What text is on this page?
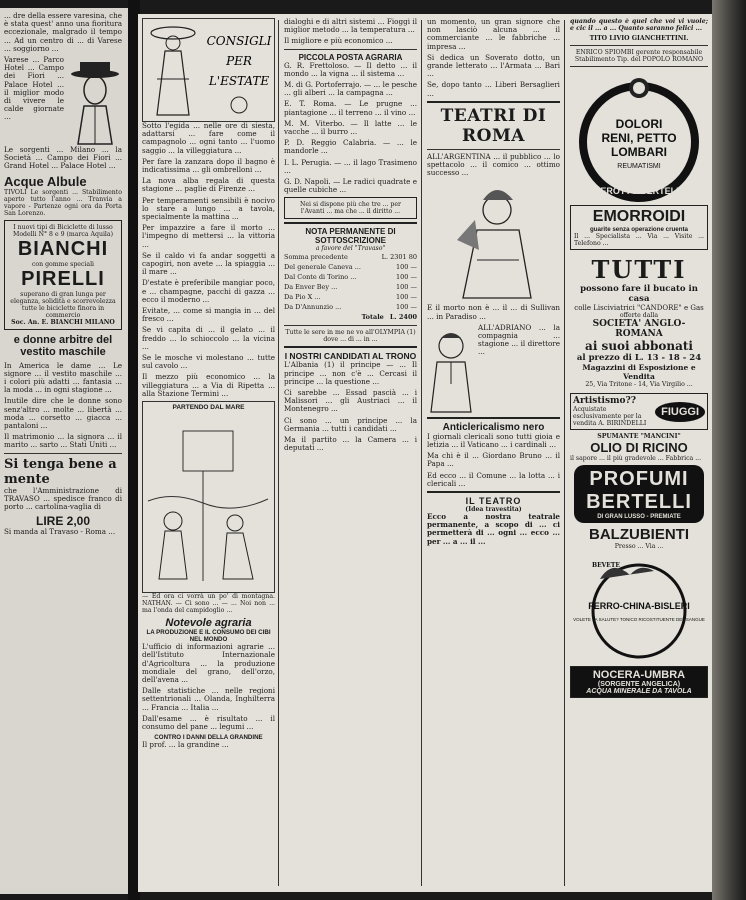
... dre della essere varesina, che è stata quest' anno una fioritura eccezionale, malgrado il tempo ... Ad un centro di ... di Varese ... soggiorno ...

Varese ... Parco Hotel ... Campo dei Fiori ... Palace Hotel ... il miglior modo di vivere le calde giornate ...

Le sorgenti ... Milano ... la Società ... Campo dei Fiori ... Grand Hotel ... Palace Hotel ...

Acque Albule

TIVOLI Le sorgenti ... Stabilimento aperto tutto l'anno ... Tranvia a vapore - Partenze ogni ora da Porta San Lorenzo.

I nuovi tipi di Biciclette di lusso Modelli N° 8 e 9 (marca Aquila)
BIANCHI
con gomme speciali
PIRELLI
superano di gran lunga per eleganza, solidità e scorrevolezza tutte le biciclette finora in commercio
Soc. An. E. BIANCHI MILANO
e donne arbitre del vestito maschile

In America le dame ... Le signore ... il vestito maschile ... i colori più adatti ... fantasia ... la moda ... in ogni stagione ...

Inutile dire che le donne sono senz'altro ... molte ... libertà ... moda ... corsetto ... giacca ... pantaloni ...

Il matrimonio ... la signora ... il marito ... sarto ... Stati Uniti ...

Si tenga bene a mente

che l'Amministrazione di TRAVASO ... spedisce franco di porto ... cartolina-vaglia di

LIRE 2,00

Si manda al Travaso - Roma ...

CONSIGLI
PER
L'ESTATE

Sotto l'egida ... nelle ore di siesta, adattarsi ... fare come il campagnolo ... ogni tanto ... l'uomo saggio ... la villeggiatura ...

Per fare la zanzara dopo il bagno è indicatissima ... gli ombrelloni ...

La nova alba regala di questa stagione ... paglie di Firenze ...

Per temperamenti sensibili è nocivo lo stare a lungo ... a tavola, specialmente la mattina ...

Per impazzire a fare il morto ... l'impegno di mettersi ... la vittoria ...

Se il caldo vi fa andar soggetti a capogiri, non avete ... la spiaggia ... il mare ...

D'estate è preferibile mangiar poco, e ... champagne, pacchi di gazza ... ecco il moderno ...

Evitate, ... come si mangia in ... del fresco ...

Se vi capita di ... il gelato ... il freddo ... lo schioccolo ... la vicina ...

Se le mosche vi molestano ... tutte sul cavolo ...

Il mezzo più economico ... la villeggiatura ... a Via di Ripetta ... alla Stazione Termini ...

PARTENDO DAL MARE

— Ed ora ci vorrà un po' di montagna. NATHAN. — Ci sono ... — ... Noi non ... ma l'onda del campidoglio ...

Notevole agraria
LA PRODUZIONE E IL CONSUMO DEI CIBI NEL MONDO

L'ufficio di informazioni agrarie ... dell'Istituto Internazionale d'Agricoltura ... la produzione mondiale del grano, dell'orzo, dell'avena ...

Dalle statistiche ... nelle regioni settentrionali ... Olanda, Inghilterra ... Francia ... Italia ...

Dall'esame ... è risultato ... il consumo del pane ... legumi ...

CONTRO I DANNI DELLA GRANDINE

Il prof. ... la grandine ...

dialoghi e di altri sistemi ... Fioggi il miglior metodo ... la temperatura ...

Il migliore e più economico ...

PICCOLA POSTA AGRARIA

G. R. Frettoloso. — Il detto ... il mondo ... la vigna ... il sistema ...

M. di G. Portoferrajo. — ... le pesche ... gli alberi ... la campagna ...

E. T. Roma. — Le prugne ... piantagione ... il terreno ... il vino ...

M. M. Viterbo. — Il latte ... le vacche ... il burro ...

P. D. Reggio Calabria. — ... le mandorle ...

I. L. Perugia. — ... il lago Trasimeno ...

G. D. Napoli. — Le radici quadrate e quelle cubiche ...

Nei si dispone più che tre ... per l'Avanti ... ma che ... il diritto ...

NOTA PERMANENTE DI SOTTOSCRIZIONE
a favore del "Travaso"
Somma precedente	L. 2301 80
Del generale Caneva ...	100 —
Dal Conte di Torino ...	100 —
Da Enver Bey ...	100 —
Da Pio X ...	100 —
Da D'Annunzio ...	100 —
Totale L. 2400

Tutte le sere in me ne vo all'OLYMPIA (1) dove ... di ... in ...

I NOSTRI CANDIDATI AL TRONO

L'Albania (1) il principe — ... Il principe ... non c'è ... Cercasi il principe ... la questione ...

Ci sarebbe ... Essad pascià ... i Malissori ... gli Austriaci ... il Montenegro ...

Ci sono ... un principe ... la Germania ... tutti i candidati ...

Ma il partito ... la Camera ... i deputati ...

un momento, un gran signore che non lasciò alcuna ... il commerciante ... le fabbriche ... impresa ...

Si dedica un Soverato dotto, un grande letterato ... l'Armata ... Bari ...

Se, dopo tanto ... Liberi Bersaglieri ...

TEATRI DI ROMA

ALL'ARGENTINA ... il pubblico ... lo spettacolo ... il comico ... ottimo successo ...

E il morto non è ... il ... di Sullivan ... in Paradiso ...

ALL'ADRIANO ... la compagnia ... stagione ... il direttore ...

Anticlericalismo nero

I giornali clericali sono tutti gioia e letizia ... il Vaticano ... i cardinali ...

Ma chi è il ... Giordano Bruno ... il Papa ...

Ed ecco ... il Comune ... la lotta ... i clericali ...

IL TEATRO
(Idea travestita)

Ecco a nostra teatrale permanente, a scopo di ... ci permetterà di ... ogni ... ecco ... per ... a ... il ...

quando questo è quel che voi vi vuole; e cic il ... a ... Quanto saranno felici ...

TITO LIVIO GIANCHETTINI.
ENRICO SPIOMBI gerente responsabile
Stabilimento Tip. del POPOLO ROMANO
DOLORI
RENI, PETTO
LOMBARI
REUMATISMI
CEROTTO BERTELLI
EMORROIDI
guarite senza operazione cruenta

Il ... Specialista ... Via ... Visite ... Telefono ...

TUTTI
possono fare il bucato in casa
colle Lisciviatrici "CANDORE" e Gas
offerte dalla
SOCIETA' ANGLO-ROMANA
ai suoi abbonati
al prezzo di L. 13 - 18 - 24
Magazzini di Esposizione e Vendita
25, Via Tritone - 14, Via Virgilio ...
Artistismo??
Acquistate esclusivamente per la vendita A. BIRINDELLI
FIUGGI
SPUMANTE "MANCINI"
OLIO DI RICINO

il sapore ... il più gradevole ... Fabbrica ...

PROFUMI
BERTELLI
DI GRAN LUSSO - PREMIATE
BALZUBIENTI

Presso ... Via ...

BEVETE
FERRO-CHINA-BISLERI
VOLETE LA SALUTE? TONICO RICOSTITUENTE DEL SANGUE
NOCERA-UMBRA
(SORGENTE ANGELICA)
ACQUA MINERALE DA TAVOLA
